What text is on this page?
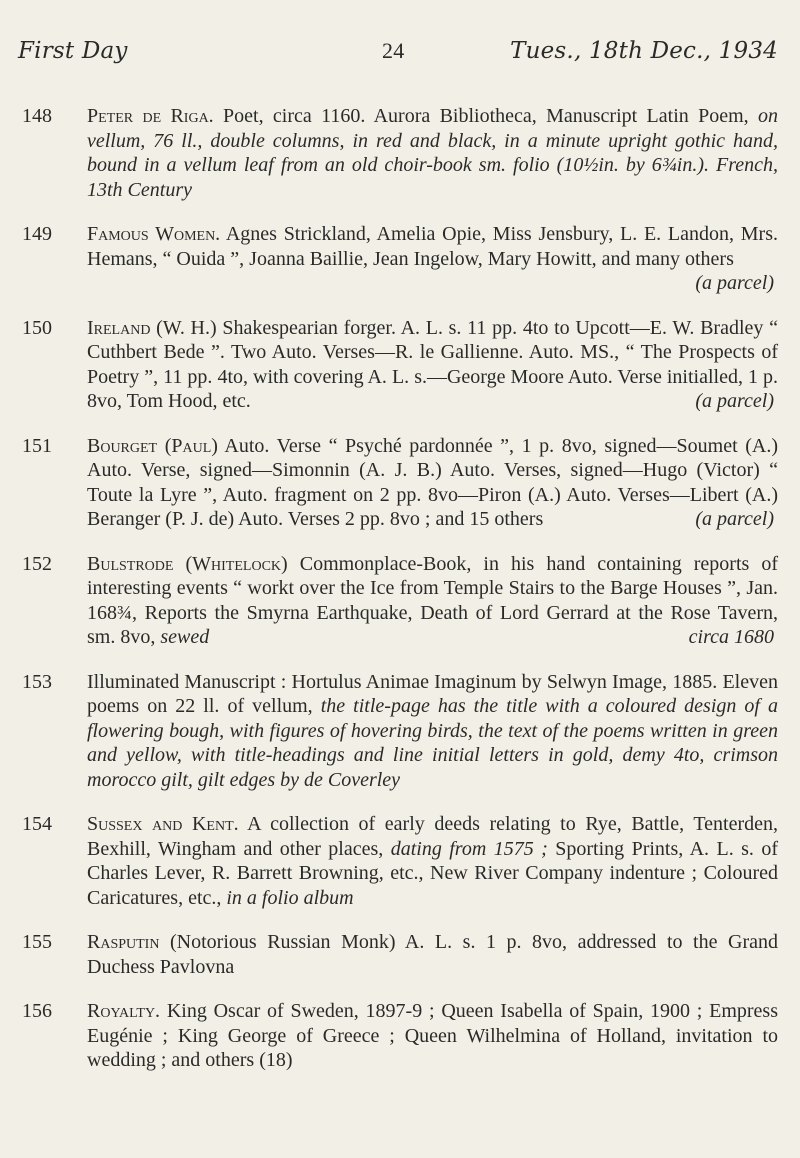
First Day	24	Tues., 18th Dec., 1934
148	Peter de Riga. Poet, circa 1160. Aurora Bibliotheca, Manuscript Latin Poem, on vellum, 76 ll., double columns, in red and black, in a minute upright gothic hand, bound in a vellum leaf from an old choir-book sm. folio (10½in. by 6¾in.). French, 13th Century
149	Famous Women. Agnes Strickland, Amelia Opie, Miss Jensbury, L. E. Landon, Mrs. Hemans, “ Ouida ”, Joanna Baillie, Jean Ingelow, Mary Howitt, and many others
(a parcel)
150	Ireland (W. H.) Shakespearian forger. A. L. s. 11 pp. 4to to Upcott—E. W. Bradley “ Cuthbert Bede ”. Two Auto. Verses—R. le Gallienne. Auto. MS., “ The Prospects of Poetry ”, 11 pp. 4to, with covering A. L. s.—George Moore Auto. Verse initialled, 1 p. 8vo, Tom Hood, etc.	(a parcel)
151	Bourget (Paul) Auto. Verse “ Psyché pardonnée ”, 1 p. 8vo, signed—Soumet (A.) Auto. Verse, signed—Simonnin (A. J. B.) Auto. Verses, signed—Hugo (Victor) “ Toute la Lyre ”, Auto. fragment on 2 pp. 8vo—Piron (A.) Auto. Verses—Libert (A.) Beranger (P. J. de) Auto. Verses 2 pp. 8vo ; and 15 others	(a parcel)
152	Bulstrode (Whitelock) Commonplace-Book, in his hand containing reports of interesting events “ workt over the Ice from Temple Stairs to the Barge Houses ”, Jan. 168¾, Reports the Smyrna Earthquake, Death of Lord Gerrard at the Rose Tavern, sm. 8vo, sewed	circa 1680
153	Illuminated Manuscript : Hortulus Animae Imaginum by Selwyn Image, 1885. Eleven poems on 22 ll. of vellum, the title-page has the title with a coloured design of a flowering bough, with figures of hovering birds, the text of the poems written in green and yellow, with title-headings and line initial letters in gold, demy 4to, crimson morocco gilt, gilt edges by de Coverley
154	Sussex and Kent. A collection of early deeds relating to Rye, Battle, Tenterden, Bexhill, Wingham and other places, dating from 1575 ; Sporting Prints, A. L. s. of Charles Lever, R. Barrett Browning, etc., New River Company indenture ; Coloured Caricatures, etc., in a folio album
155	Rasputin (Notorious Russian Monk) A. L. s. 1 p. 8vo, addressed to the Grand Duchess Pavlovna
156	Royalty. King Oscar of Sweden, 1897-9 ; Queen Isabella of Spain, 1900 ; Empress Eugénie ; King George of Greece ; Queen Wilhelmina of Holland, invitation to wedding ; and others (18)
